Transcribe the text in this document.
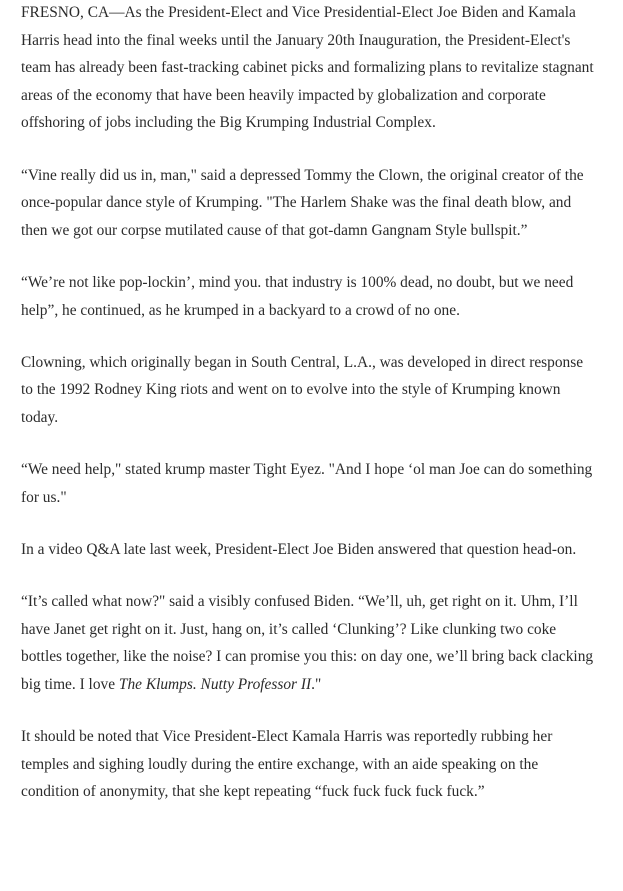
FRESNO, CA—As the President-Elect and Vice Presidential-Elect Joe Biden and Kamala Harris head into the final weeks until the January 20th Inauguration, the President-Elect's team has already been fast-tracking cabinet picks and formalizing plans to revitalize stagnant areas of the economy that have been heavily impacted by globalization and corporate offshoring of jobs including the Big Krumping Industrial Complex.

“Vine really did us in, man," said a depressed Tommy the Clown, the original creator of the once-popular dance style of Krumping. "The Harlem Shake was the final death blow, and then we got our corpse mutilated cause of that got-damn Gangnam Style bullspit.”

“We’re not like pop-lockin’, mind you. that industry is 100% dead, no doubt, but we need help”, he continued, as he krumped in a backyard to a crowd of no one.

Clowning, which originally began in South Central, L.A., was developed in direct response to the 1992 Rodney King riots and went on to evolve into the style of Krumping known today.

“We need help," stated krump master Tight Eyez. "And I hope ‘ol man Joe can do something for us."

In a video Q&A late last week, President-Elect Joe Biden answered that question head-on.

“It’s called what now?" said a visibly confused Biden. “We’ll, uh, get right on it. Uhm, I’ll have Janet get right on it. Just, hang on, it’s called ‘Clunking’? Like clunking two coke bottles together, like the noise? I can promise you this: on day one, we’ll bring back clacking big time. I love The Klumps. Nutty Professor II."

It should be noted that Vice President-Elect Kamala Harris was reportedly rubbing her temples and sighing loudly during the entire exchange, with an aide speaking on the condition of anonymity, that she kept repeating “fuck fuck fuck fuck fuck.”
